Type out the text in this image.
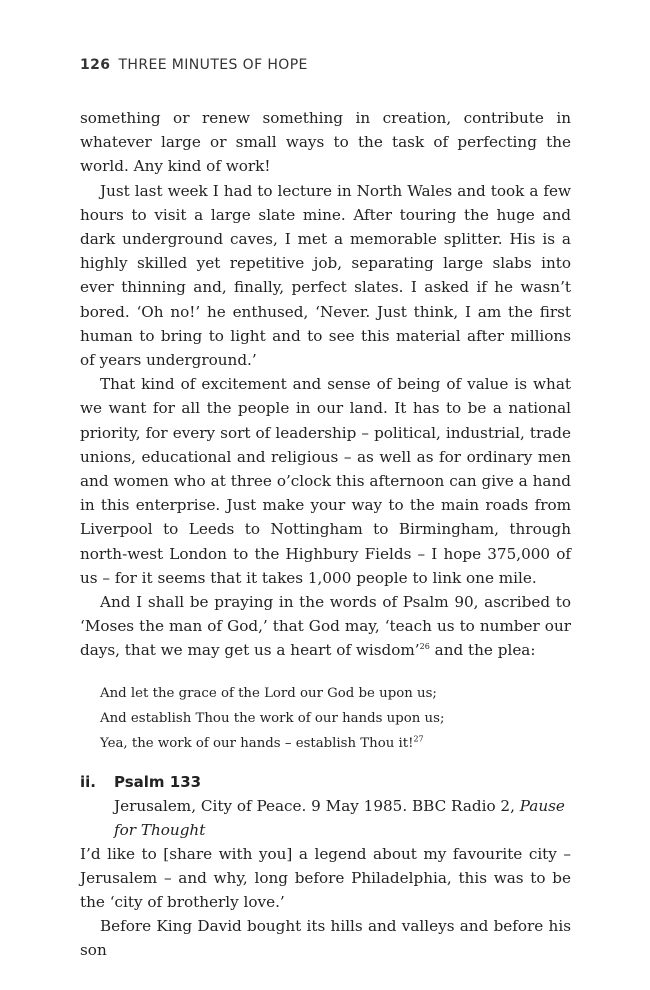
126 THREE MINUTES OF HOPE

something or renew something in creation, contribute in whatever large or small ways to the task of perfecting the world. Any kind of work!

Just last week I had to lecture in North Wales and took a few hours to visit a large slate mine. After touring the huge and dark underground caves, I met a memorable splitter. His is a highly skilled yet repetitive job, separating large slabs into ever thinning and, finally, perfect slates. I asked if he wasn’t bored. ‘Oh no!’ he enthused, ‘Never. Just think, I am the first human to bring to light and to see this material after millions of years underground.’

That kind of excitement and sense of being of value is what we want for all the people in our land. It has to be a national priority, for every sort of leadership – political, industrial, trade unions, educational and religious – as well as for ordinary men and women who at three o’clock this afternoon can give a hand in this enterprise. Just make your way to the main roads from Liverpool to Leeds to Nottingham to Birmingham, through north-west London to the Highbury Fields – I hope 375,000 of us – for it seems that it takes 1,000 people to link one mile.

And I shall be praying in the words of Psalm 90, ascribed to ‘Moses the man of God,’ that God may, ‘teach us to number our days, that we may get us a heart of wisdom’$^{26}$ and the plea:

And let the grace of the Lord our God be upon us;
And establish Thou the work of our hands upon us;
Yea, the work of our hands – establish Thou it!$^{27}$

ii. Psalm 133

Jerusalem, City of Peace. 9 May 1985. BBC Radio 2, Pause for Thought

I’d like to [share with you] a legend about my favourite city – Jerusalem – and why, long before Philadelphia, this was to be the ‘city of brotherly love.’

Before King David bought its hills and valleys and before his son
